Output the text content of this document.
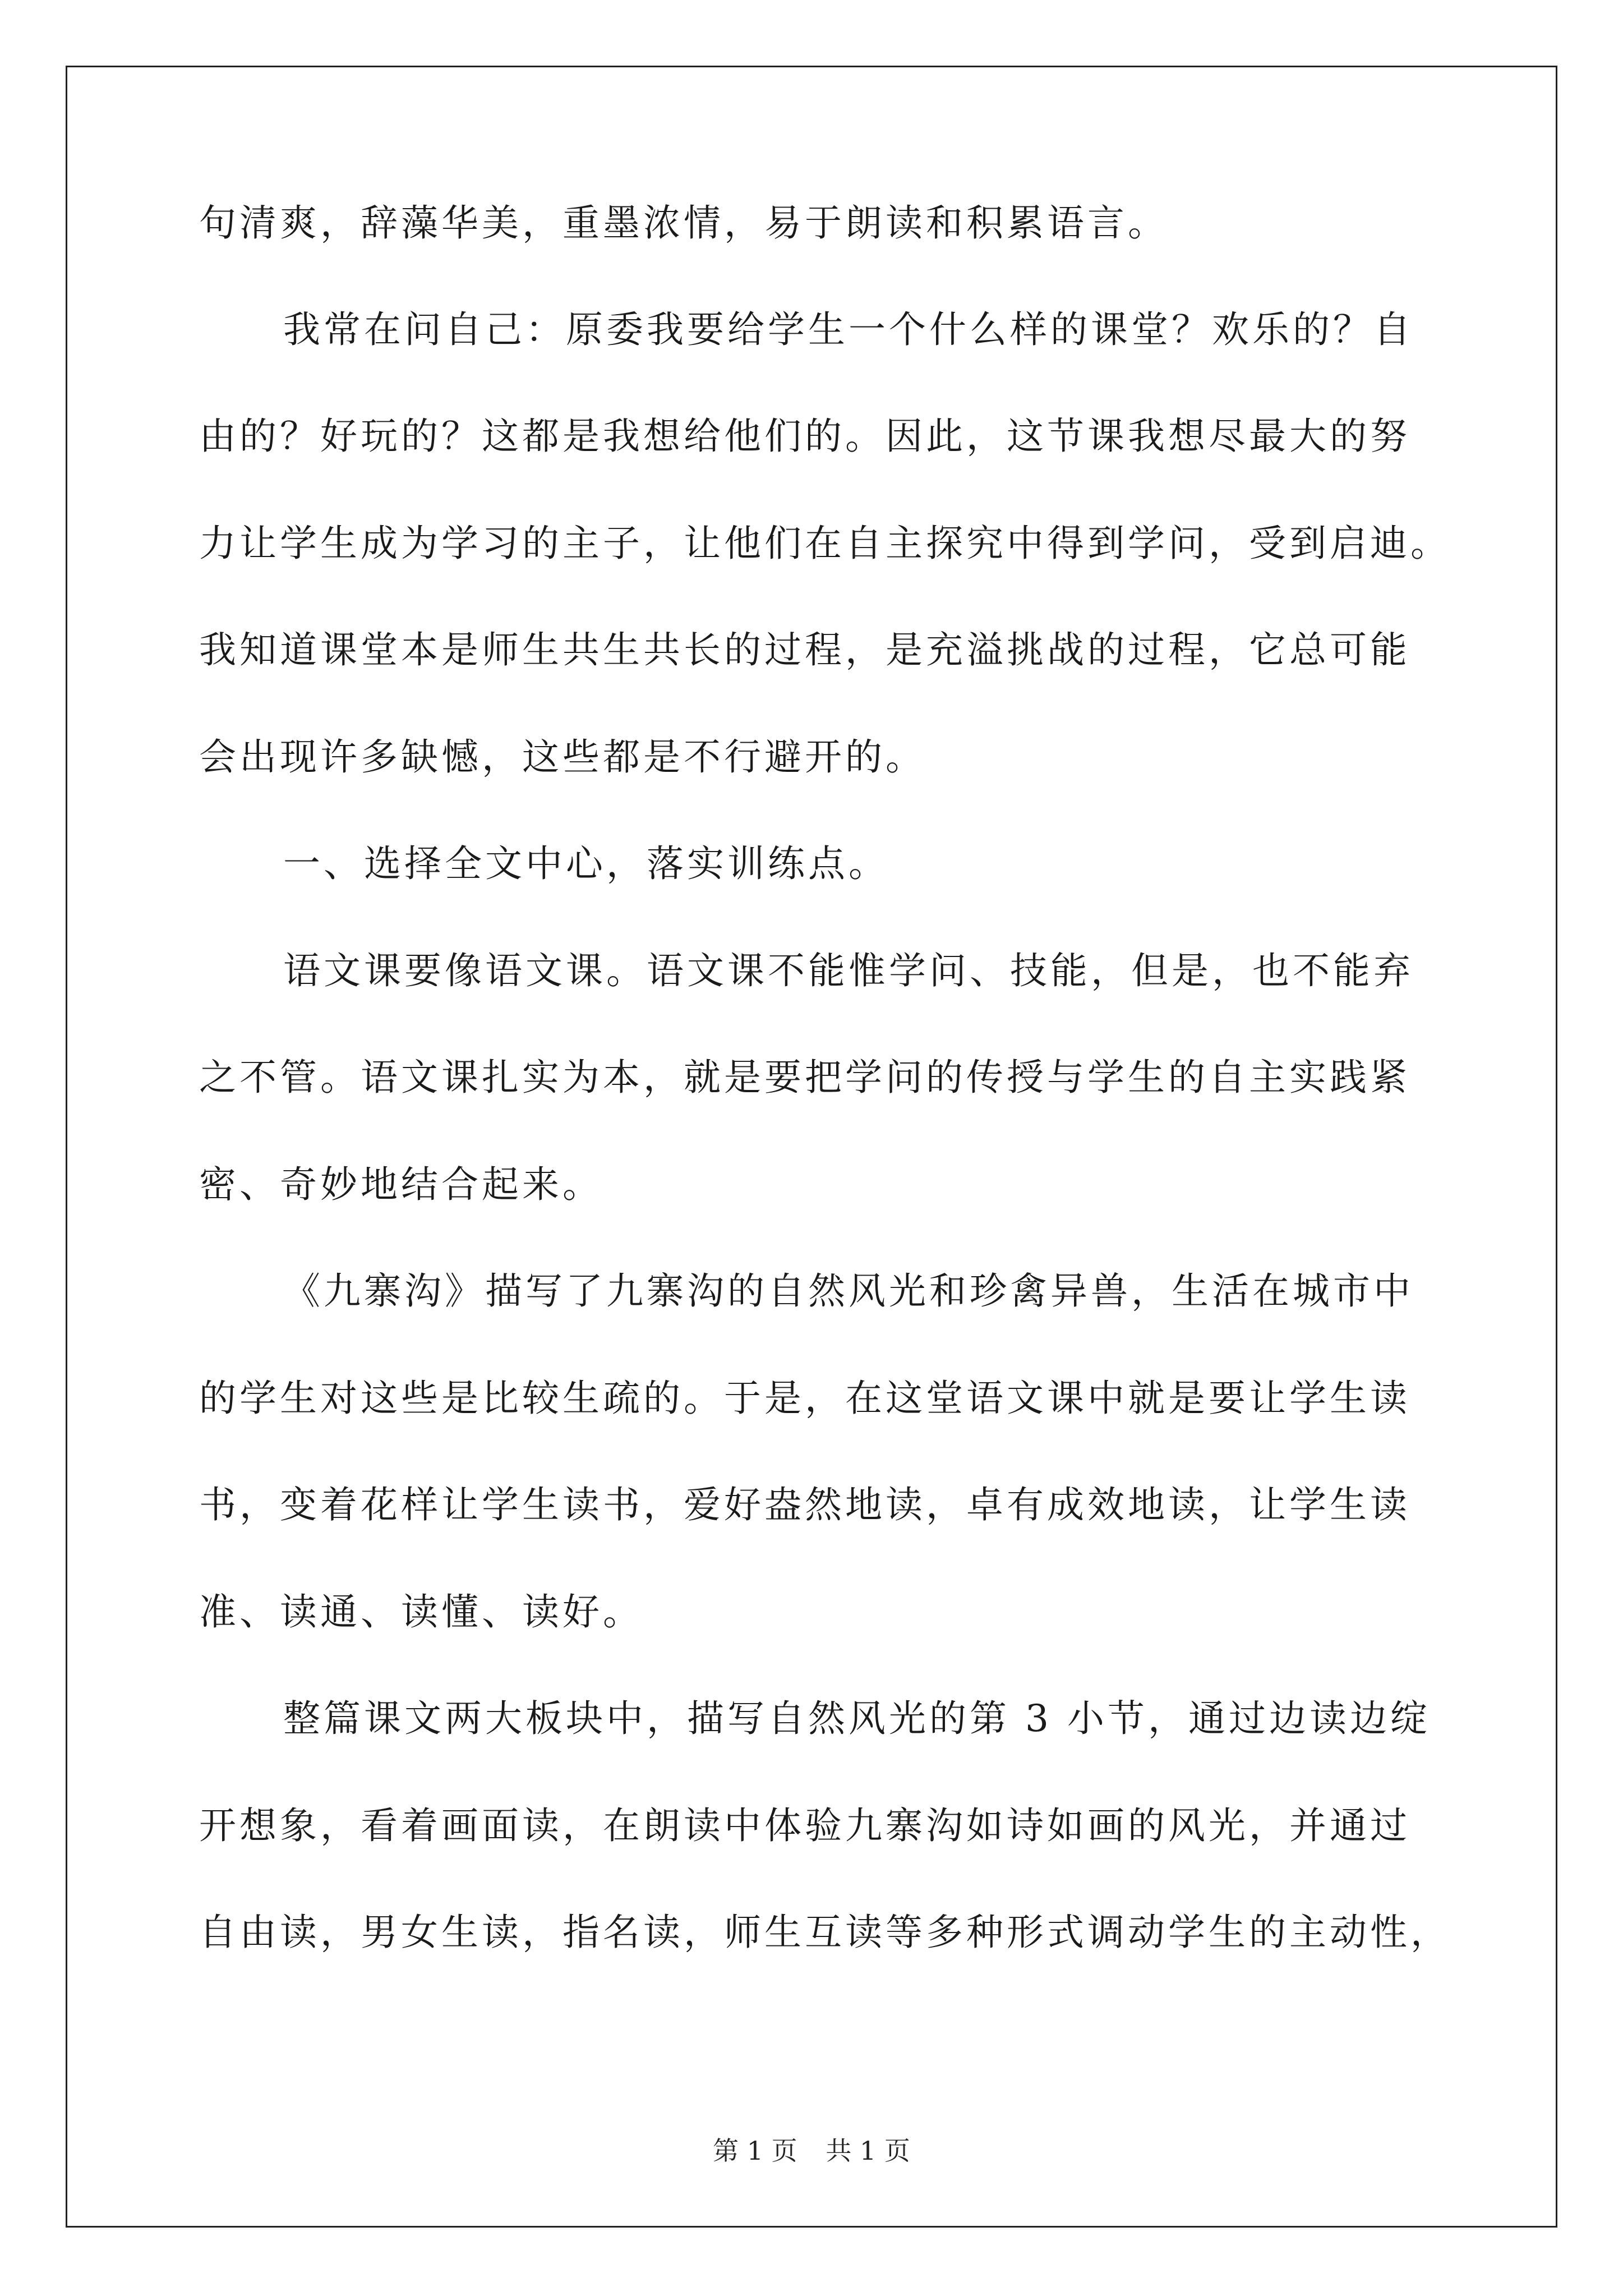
句清爽，辞藻华美，重墨浓情，易于朗读和积累语言。
我常在问自己：原委我要给学生一个什么样的课堂？欢乐的？自
由的？好玩的？这都是我想给他们的。因此，这节课我想尽最大的努
力让学生成为学习的主子，让他们在自主探究中得到学问，受到启迪。
我知道课堂本是师生共生共长的过程，是充溢挑战的过程，它总可能
会出现许多缺憾，这些都是不行避开的。
一、选择全文中心，落实训练点。
语文课要像语文课。语文课不能惟学问、技能，但是，也不能弃
之不管。语文课扎实为本，就是要把学问的传授与学生的自主实践紧
密、奇妙地结合起来。
《九寨沟》描写了九寨沟的自然风光和珍禽异兽，生活在城市中
的学生对这些是比较生疏的。于是，在这堂语文课中就是要让学生读
书，变着花样让学生读书，爱好盎然地读，卓有成效地读，让学生读
准、读通、读懂、读好。
整篇课文两大板块中，描写自然风光的第 3 小节，通过边读边绽
开想象，看着画面读，在朗读中体验九寨沟如诗如画的风光，并通过
自由读，男女生读，指名读，师生互读等多种形式调动学生的主动性，
第 1 页 共 1 页
